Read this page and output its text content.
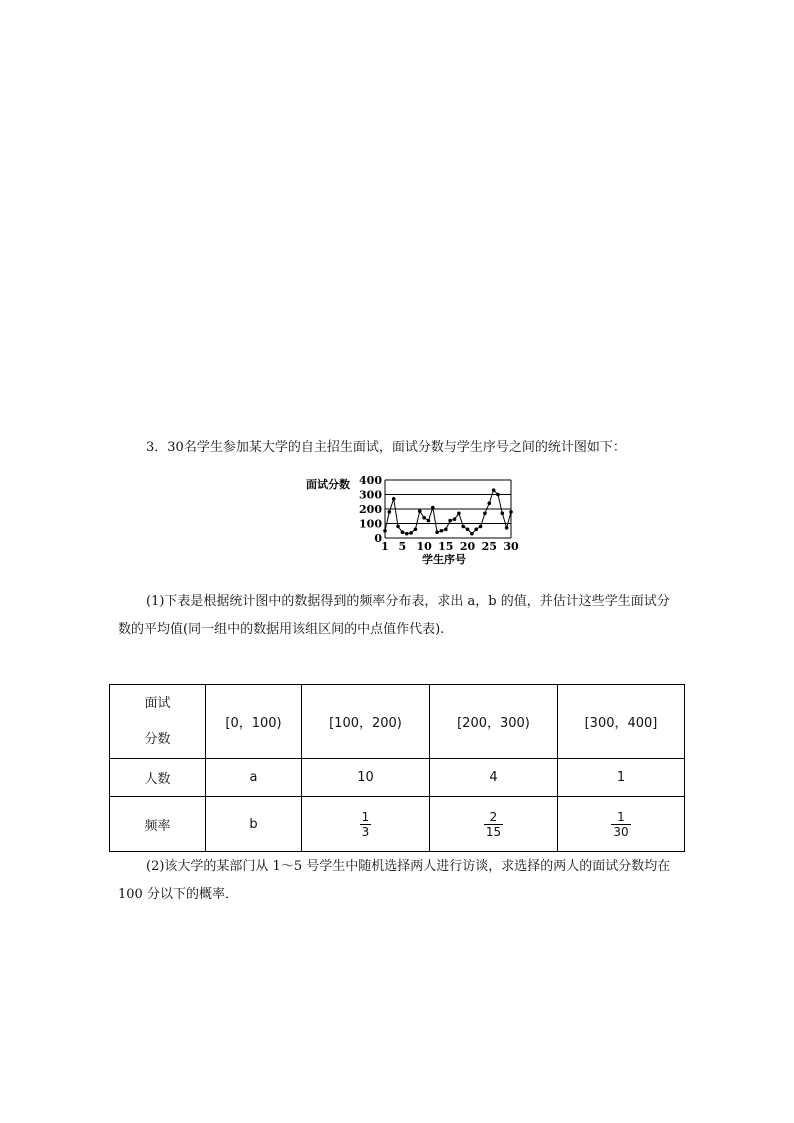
3．30名学生参加某大学的自主招生面试，面试分数与学生序号之间的统计图如下：
0
100
200
300
400
1 5 10 15 20 25 30
面试分数
学生序号
(1)下表是根据统计图中的数据得到的频率分布表，求出 a，b 的值，并估计这些学生面试分数的平均值(同一组中的数据用该组区间的中点值作代表).
面试
分数	[0，100)	[100，200)	[200，300)	[300，400]
人数	a	10	4	1
频率	b	$\frac{1}{3}$	$\frac{2}{15}$	$\frac{1}{30}$
(2)该大学的某部门从 1～5 号学生中随机选择两人进行访谈，求选择的两人的面试分数均在 100 分以下的概率．
